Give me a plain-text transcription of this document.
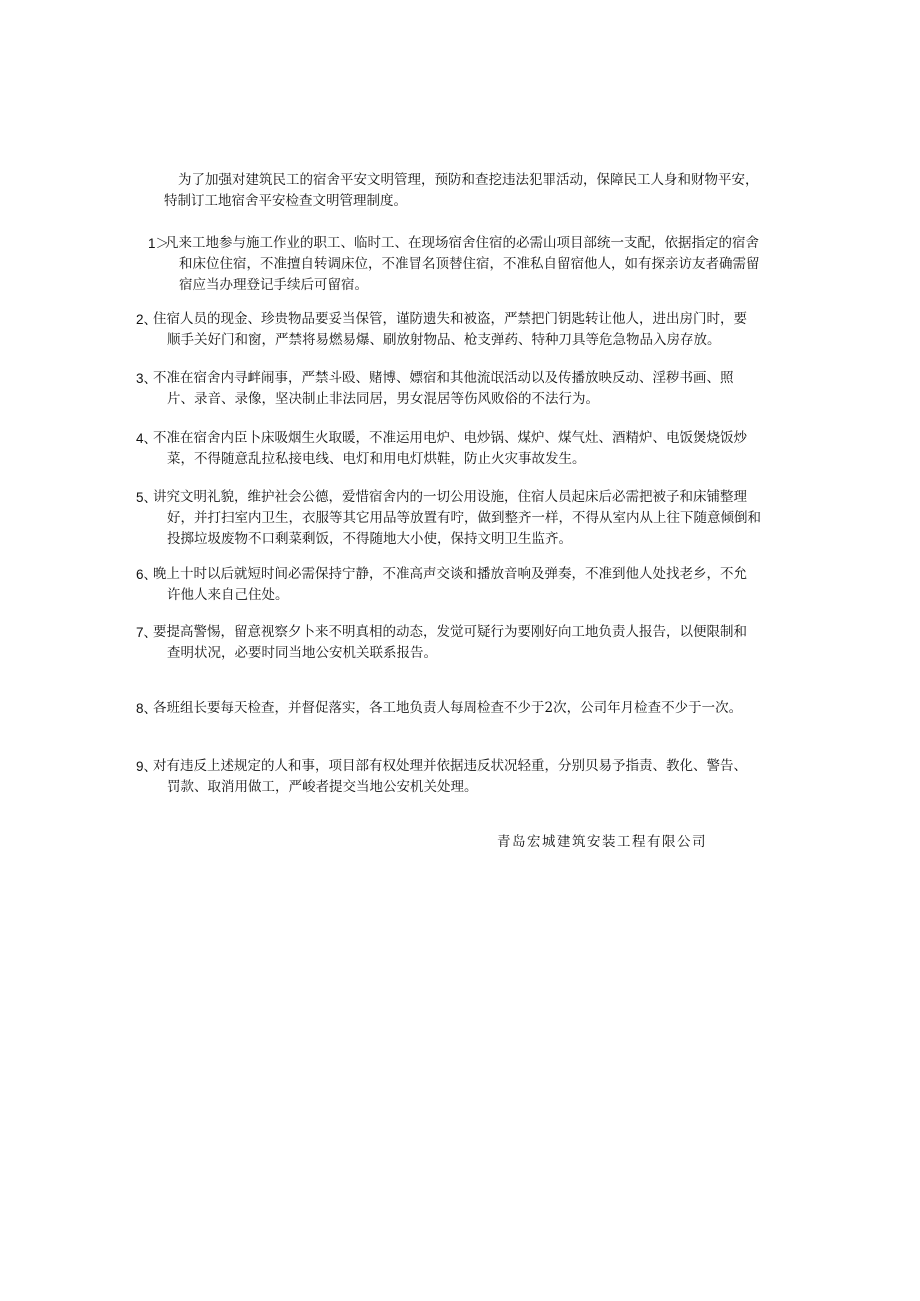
为了加强对建筑民工的宿舍平安文明管理，预防和查挖违法犯罪活动，保障民工人身和财物平安，
特制订工地宿舍平安检查文明管理制度。
1＞
凡来工地参与施工作业的职工、临时工、在现场宿舍住宿的必需山项目部统一支配，依据指定的宿舍
和床位住宿，不准擅自转调床位，不准冒名顶替住宿，不准私自留宿他人，如有探亲访友者确需留
宿应当办理登记手续后可留宿。
2、
住宿人员的现金、珍贵物品要妥当保管，谨防遗失和被盗，严禁把门钥匙转让他人，进出房门时，要
顺手关好门和窗，严禁将易燃易爆、刷放射物品、枪支弹药、特种刀具等危急物品入房存放。
3、
不准在宿舍内寻衅闹事，严禁斗殴、赌博、嫖宿和其他流氓活动以及传播放映反动、淫秽书画、照
片、录音、录像，坚决制止非法同居，男女混居等伤风败俗的不法行为。
4、
不准在宿舍内臣卜床吸烟生火取暖，不准运用电炉、电炒锅、煤炉、煤气灶、酒精炉、电饭煲烧饭炒
菜，不得随意乱拉私接电线、电灯和用电灯烘鞋，防止火灾事故发生。
5、
讲究文明礼貌，维护社会公德，爱惜宿舍内的一切公用设施，住宿人员起床后必需把被子和床铺整理
好，并打扫室内卫生，衣服等其它用品等放置有咛，做到整齐一样，不得从室内从上往下随意倾倒和
投掷垃圾废物不口剩菜剩饭，不得随地大小使，保持文明卫生监齐。
6、
晚上十时以后就短时间必需保持宁静，不准高声交谈和播放音响及弹奏，不准到他人处找老乡，不允
许他人来自己住处。
7、
要提高警惕，留意视察夕卜来不明真相的动态，发觉可疑行为要刚好向工地负责人报告，以便限制和
查明状况，必要时同当地公安机关联系报告。
8、
各班组长要每天检查，并督促落实，各工地负责人每周检查不少于2次，公司年月检查不少于一次。
9、
对有违反上述规定的人和事，项目部有权处理并依据违反状况轻重，分别贝易予指责、教化、警告、
罚款、取消用做工，严峻者提交当地公安机关处理。
青岛宏城建筑安装工程有限公司
